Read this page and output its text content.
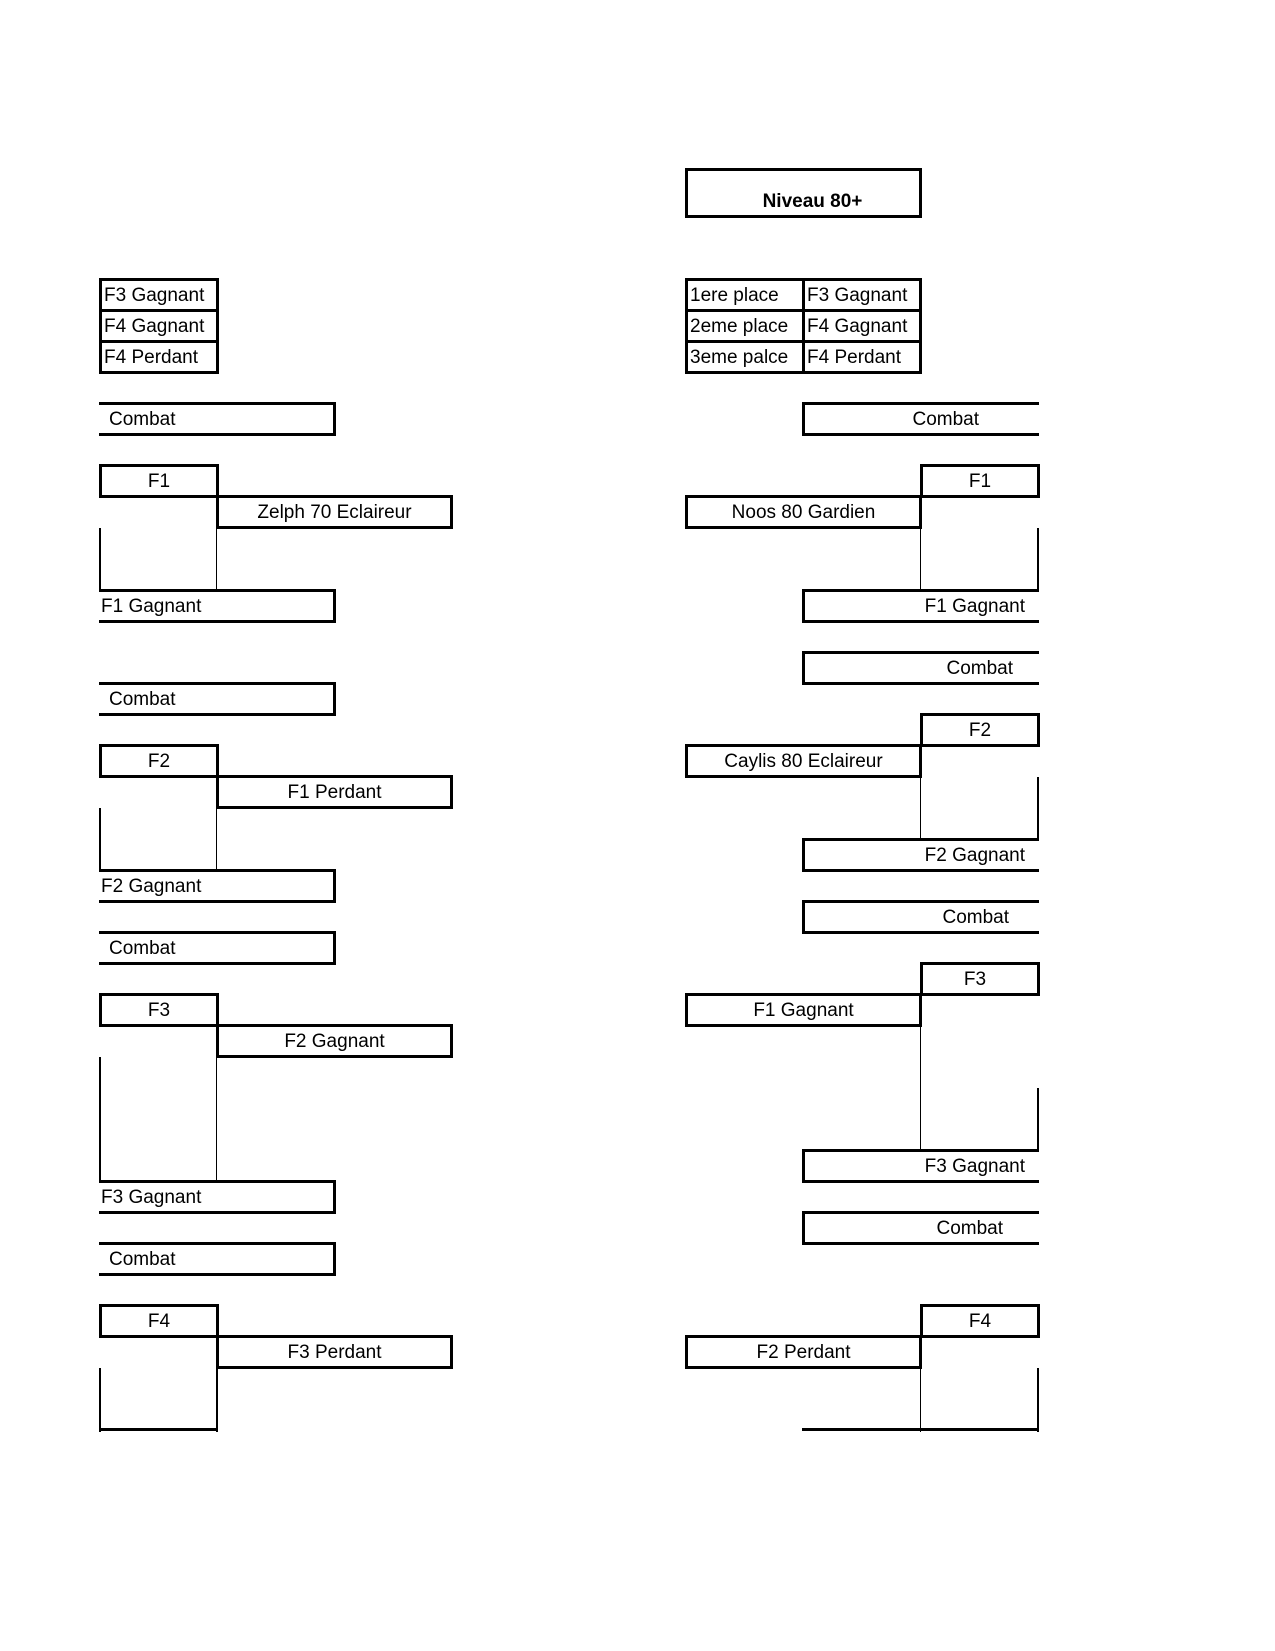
Niveau 80+
F3 Gagnant
F4 Gagnant
F4 Perdant
1ere place
2eme place
3eme palce
F3 Gagnant
F4 Gagnant
F4 Perdant
Combat
F1
Zelph 70 Eclaireur
F1 Gagnant
Combat
F2
F1 Perdant
F2 Gagnant
Combat
F3
F2 Gagnant
F3 Gagnant
Combat
F4
F3 Perdant
Combat
F1
Noos 80 Gardien
F1 Gagnant
Combat
F2
Caylis 80 Eclaireur
F2 Gagnant
Combat
F3
F1 Gagnant
F3 Gagnant
Combat
F4
F2 Perdant
